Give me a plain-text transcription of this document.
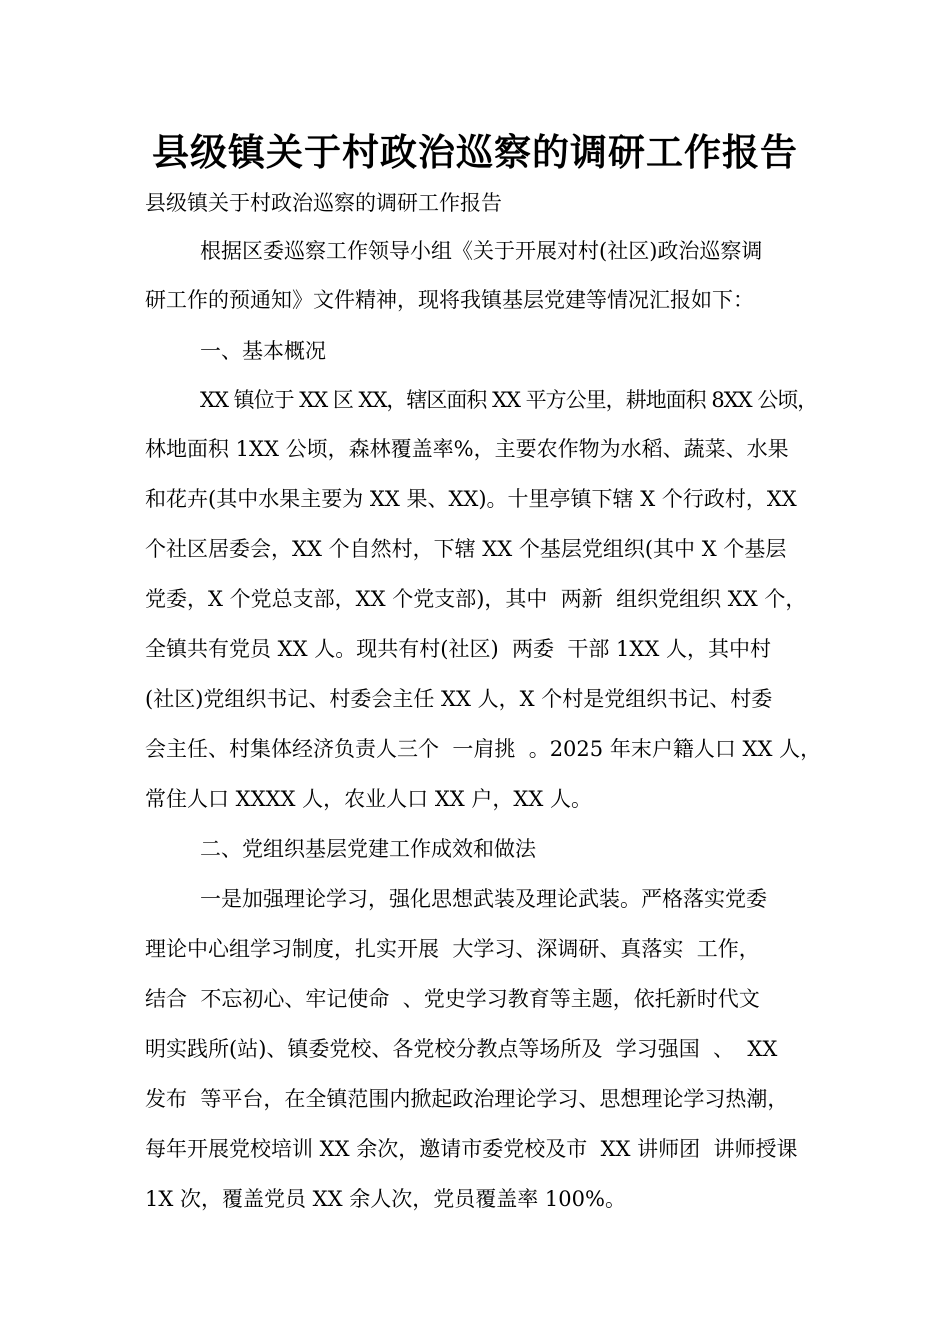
县级镇关于村政治巡察的调研工作报告
县级镇关于村政治巡察的调研工作报告
根据区委巡察工作领导小组《关于开展对村(社区)政治巡察调
研工作的预通知》文件精神，现将我镇基层党建等情况汇报如下：
一、基本概况
XX 镇位于 XX 区 XX，辖区面积 XX 平方公里，耕地面积 8XX 公顷，
林地面积 1XX 公顷，森林覆盖率%，主要农作物为水稻、蔬菜、水果
和花卉(其中水果主要为 XX 果、XX)。十里亭镇下辖 X 个行政村，XX
个社区居委会，XX 个自然村，下辖 XX 个基层党组织(其中 X 个基层
党委，X 个党总支部，XX 个党支部)，其中  两新  组织党组织 XX 个，
全镇共有党员 XX 人。现共有村(社区)  两委  干部 1XX 人，其中村
(社区)党组织书记、村委会主任 XX 人，X 个村是党组织书记、村委
会主任、村集体经济负责人三个  一肩挑  。2025 年末户籍人口 XX 人，
常住人口 XXXX 人，农业人口 XX 户，XX 人。
二、党组织基层党建工作成效和做法
一是加强理论学习，强化思想武装及理论武装。严格落实党委
理论中心组学习制度，扎实开展  大学习、深调研、真落实  工作，
结合  不忘初心、牢记使命  、党史学习教育等主题，依托新时代文
明实践所(站)、镇委党校、各党校分教点等场所及  学习强国  、  XX
发布  等平台，在全镇范围内掀起政治理论学习、思想理论学习热潮，
每年开展党校培训 XX 余次，邀请市委党校及市  XX 讲师团  讲师授课
1X 次，覆盖党员 XX 余人次，党员覆盖率 100%。
